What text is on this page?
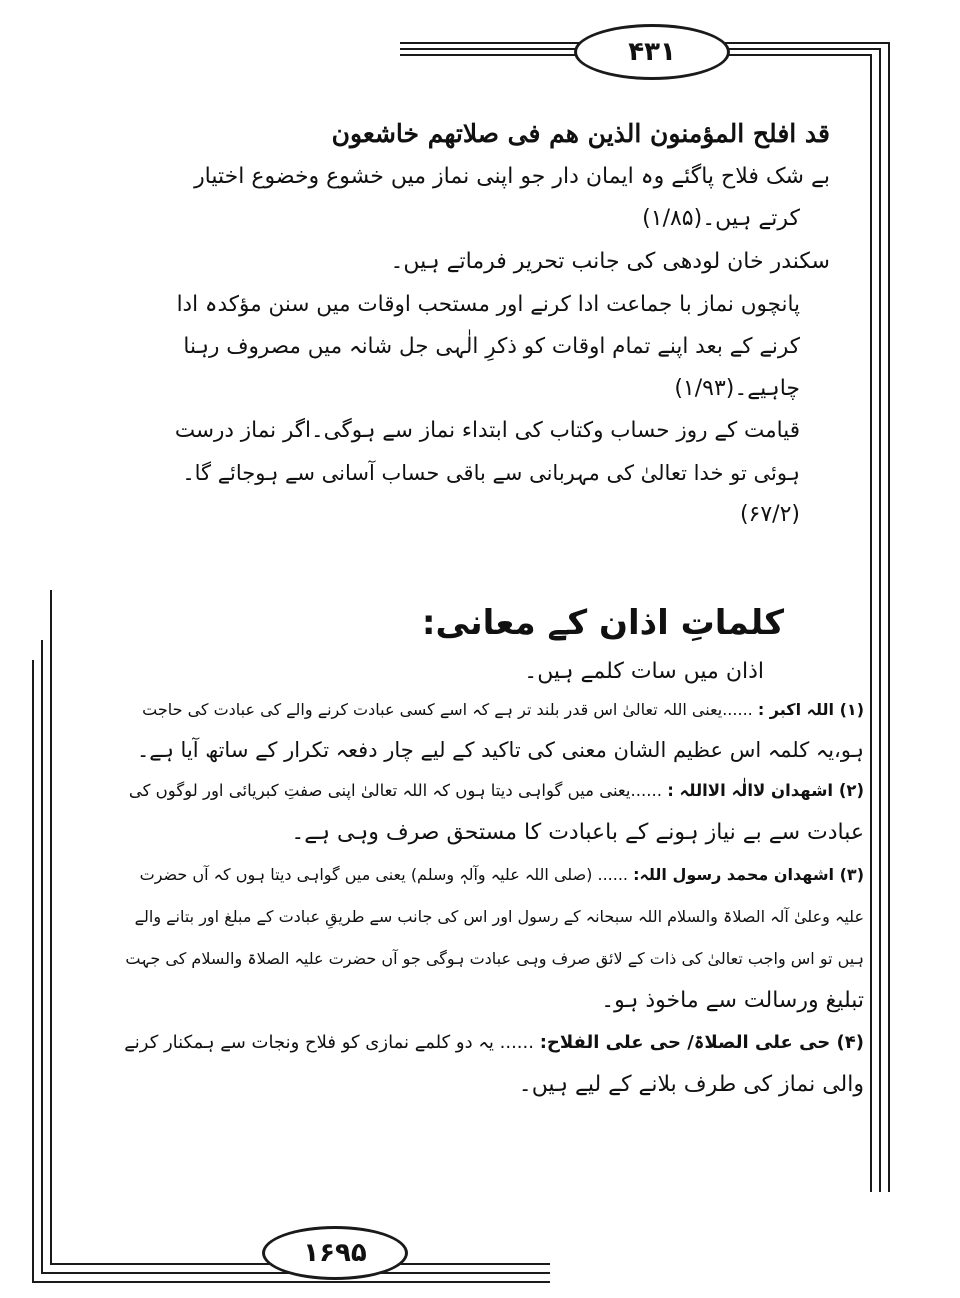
۴۳۱
قد افلح المؤمنون الذین هم فی صلاتهم خاشعون
بے شک فلاح پاگئے وہ ایمان دار جو اپنی نماز میں خشوع وخضوع اختیار
کرتے ہیں۔(۱/۸۵)
سکندر خان لودھی کی جانب تحریر فرماتے ہیں۔
پانچوں نماز با جماعت ادا کرنے اور مستحب اوقات میں سنن مؤکدہ ادا
کرنے کے بعد اپنے تمام اوقات کو ذکرِ الٰہی جل شانہ میں مصروف رہنا
چاہیے۔(۱/۹۳)
قیامت کے روز حساب وکتاب کی ابتداء نماز سے ہوگی۔اگر نماز درست
ہوئی تو خدا تعالیٰ کی مہربانی سے باقی حساب آسانی سے ہوجائے گا۔
(۶۷/۲)
کلماتِ اذان کے معانی:
اذان میں سات کلمے ہیں۔
(۱) اللہ اکبر : ......یعنی اللہ تعالیٰ اس قدر بلند تر ہے کہ اسے کسی عبادت کرنے والے کی عبادت کی حاجت
ہو،یہ کلمہ اس عظیم الشان معنی کی تاکید کے لیے چار دفعہ تکرار کے ساتھ آیا ہے۔
(۲) اشھدان لاالٰہ الااللہ : ......یعنی میں گواہی دیتا ہوں کہ اللہ تعالیٰ اپنی صفتِ کبریائی اور لوگوں کی
عبادت سے بے نیاز ہونے کے باعبادت کا مستحق صرف وہی ہے۔
(۳) اشھدان محمد رسول اللہ: ...... (صلی اللہ علیہ وآلہٖ وسلم) یعنی میں گواہی دیتا ہوں کہ آں حضرت
علیہ وعلیٰ آلہ الصلاۃ والسلام اللہ سبحانہ کے رسول اور اس کی جانب سے طریقِ عبادت کے مبلغ اور بتانے والے
ہیں تو اس واجب تعالیٰ کی ذات کے لائق صرف وہی عبادت ہوگی جو آں حضرت علیہ الصلاۃ والسلام کی جہت
تبلیغ ورسالت سے ماخوذ ہو۔
(۴) حی علی الصلاۃ/ حی علی الفلاح: ...... یہ دو کلمے نمازی کو فلاح ونجات سے ہمکنار کرنے
والی نماز کی طرف بلانے کے لیے ہیں۔
۱۶۹۵
